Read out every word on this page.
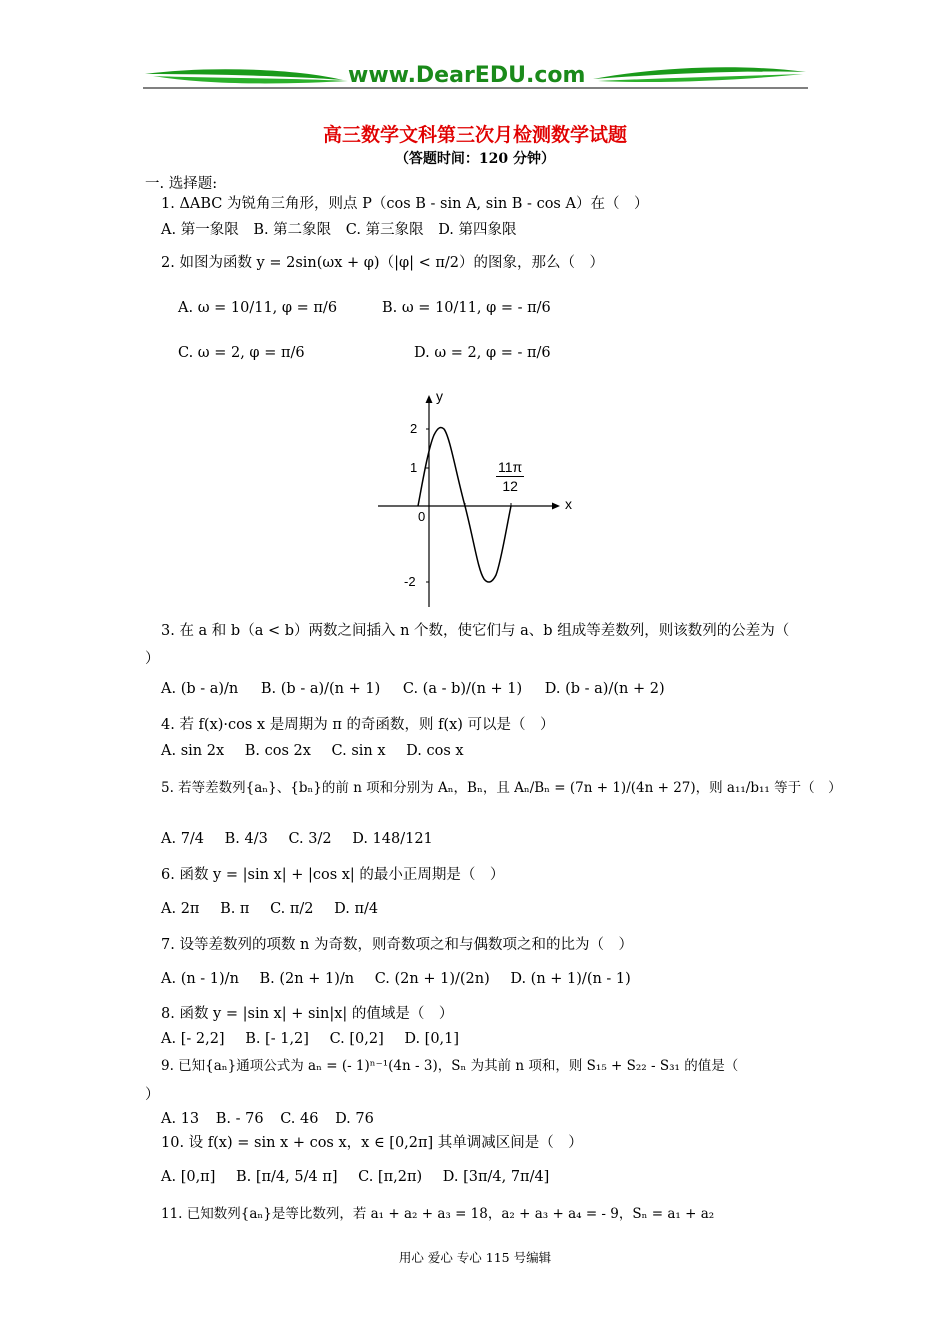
www.DearEDU.com
高三数学文科第三次月检测数学试题
（答题时间：120 分钟）
一. 选择题:
1. ΔABC 为锐角三角形，则点 P（cos B - sin A, sin B - cos A）在（　）
A. 第一象限 B. 第二象限 C. 第三象限 D. 第四象限
2. 如图为函数 y = 2sin(ωx + φ)（|φ| < π/2）的图象，那么（　）
A. ω = 10/11, φ = π/6	B. ω = 10/11, φ = - π/6
C. ω = 2, φ = π/6	D. ω = 2, φ = - π/6
y
x
2
1
0
-2
11π
12
3. 在 a 和 b（a < b）两数之间插入 n 个数，使它们与 a、b 组成等差数列，则该数列的公差为（
）
A. (b - a)/n B. (b - a)/(n + 1) C. (a - b)/(n + 1) D. (b - a)/(n + 2)
4. 若 f(x)·cos x 是周期为 π 的奇函数，则 f(x) 可以是（　）
A. sin 2x B. cos 2x C. sin x D. cos x
5. 若等差数列{aₙ}、{bₙ}的前 n 项和分别为 Aₙ，Bₙ，且 Aₙ/Bₙ = (7n + 1)/(4n + 27)，则 a₁₁/b₁₁ 等于（　）
A. 7/4 B. 4/3 C. 3/2 D. 148/121
6. 函数 y = |sin x| + |cos x| 的最小正周期是（　）
A. 2π B. π C. π/2 D. π/4
7. 设等差数列的项数 n 为奇数，则奇数项之和与偶数项之和的比为（　）
A. (n - 1)/n B. (2n + 1)/n C. (2n + 1)/(2n) D. (n + 1)/(n - 1)
8. 函数 y = |sin x| + sin|x| 的值域是（　）
A. [- 2,2] B. [- 1,2] C. [0,2] D. [0,1]
9. 已知{aₙ}通项公式为 aₙ = (- 1)ⁿ⁻¹(4n - 3)，Sₙ 为其前 n 项和，则 S₁₅ + S₂₂ - S₃₁ 的值是（
）
A. 13 B. - 76 C. 46 D. 76
10. 设 f(x) = sin x + cos x，x ∈ [0,2π] 其单调减区间是（　）
A. [0,π] B. [π/4, 5/4 π] C. [π,2π) D. [3π/4, 7π/4]
11. 已知数列{aₙ}是等比数列，若 a₁ + a₂ + a₃ = 18，a₂ + a₃ + a₄ = - 9，Sₙ = a₁ + a₂
用心 爱心 专心 115 号编辑
